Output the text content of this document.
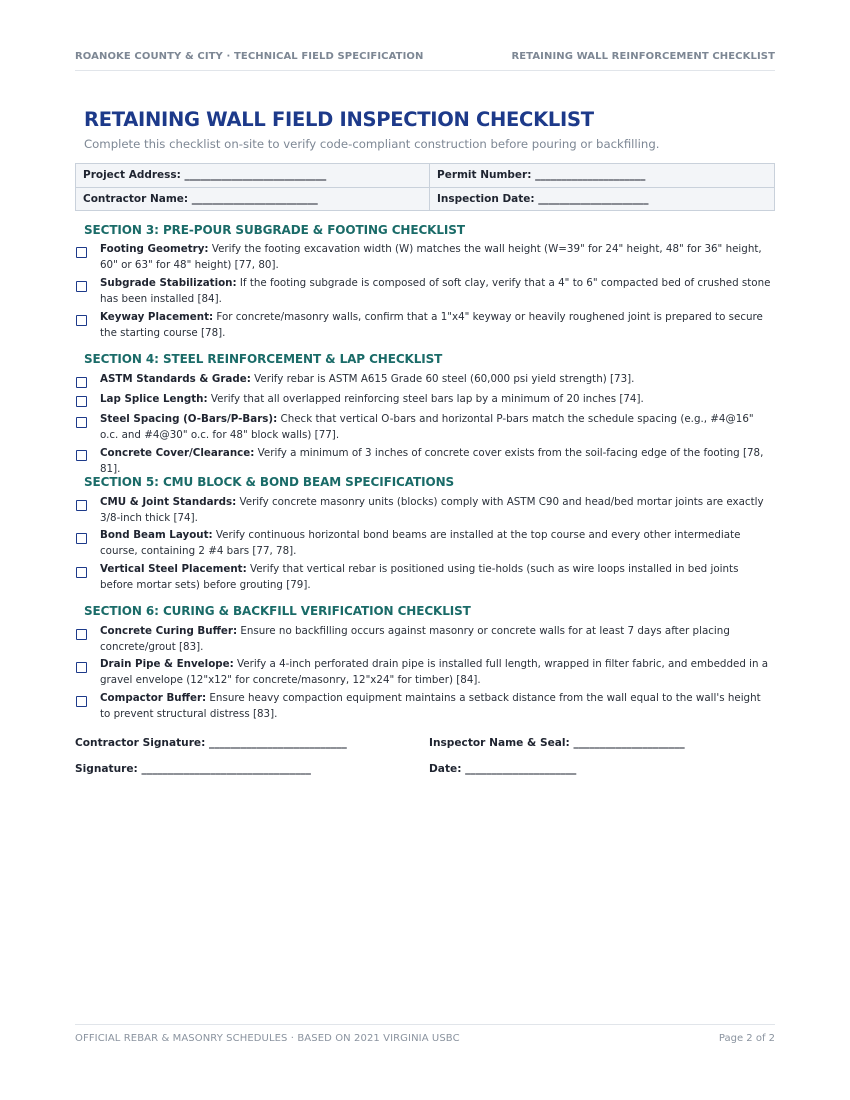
ROANOKE COUNTY & CITY · TECHNICAL FIELD SPECIFICATION	RETAINING WALL REINFORCEMENT CHECKLIST
RETAINING WALL FIELD INSPECTION CHECKLIST
Complete this checklist on-site to verify code-compliant construction before pouring or backfilling.
Project Address: ___________________________	Permit Number: _____________________
Contractor Name: ________________________	Inspection Date: _____________________
SECTION 3: PRE-POUR SUBGRADE & FOOTING CHECKLIST
Footing Geometry: Verify the footing excavation width (W) matches the wall height (W=39" for 24" height, 48" for 36" height, 60" or 63" for 48" height) [77, 80].
Subgrade Stabilization: If the footing subgrade is composed of soft clay, verify that a 4" to 6" compacted bed of crushed stone has been installed [84].
Keyway Placement: For concrete/masonry walls, confirm that a 1"x4" keyway or heavily roughened joint is prepared to secure the starting course [78].
SECTION 4: STEEL REINFORCEMENT & LAP CHECKLIST
ASTM Standards & Grade: Verify rebar is ASTM A615 Grade 60 steel (60,000 psi yield strength) [73].
Lap Splice Length: Verify that all overlapped reinforcing steel bars lap by a minimum of 20 inches [74].
Steel Spacing (O-Bars/P-Bars): Check that vertical O-bars and horizontal P-bars match the schedule spacing (e.g., #4@16" o.c. and #4@30" o.c. for 48" block walls) [77].
Concrete Cover/Clearance: Verify a minimum of 3 inches of concrete cover exists from the soil-facing edge of the footing [78, 81].
SECTION 5: CMU BLOCK & BOND BEAM SPECIFICATIONS
CMU & Joint Standards: Verify concrete masonry units (blocks) comply with ASTM C90 and head/bed mortar joints are exactly 3/8-inch thick [74].
Bond Beam Layout: Verify continuous horizontal bond beams are installed at the top course and every other intermediate course, containing 2 #4 bars [77, 78].
Vertical Steel Placement: Verify that vertical rebar is positioned using tie-holds (such as wire loops installed in bed joints before mortar sets) before grouting [79].
SECTION 6: CURING & BACKFILL VERIFICATION CHECKLIST
Concrete Curing Buffer: Ensure no backfilling occurs against masonry or concrete walls for at least 7 days after placing concrete/grout [83].
Drain Pipe & Envelope: Verify a 4-inch perforated drain pipe is installed full length, wrapped in filter fabric, and embedded in a gravel envelope (12"x12" for concrete/masonry, 12"x24" for timber) [84].
Compactor Buffer: Ensure heavy compaction equipment maintains a setback distance from the wall equal to the wall's height to prevent structural distress [83].
Contractor Signature: __________________________	Inspector Name & Seal: _____________________
Signature: ________________________________	Date: _____________________
OFFICIAL REBAR & MASONRY SCHEDULES · BASED ON 2021 VIRGINIA USBC	Page 2 of 2
